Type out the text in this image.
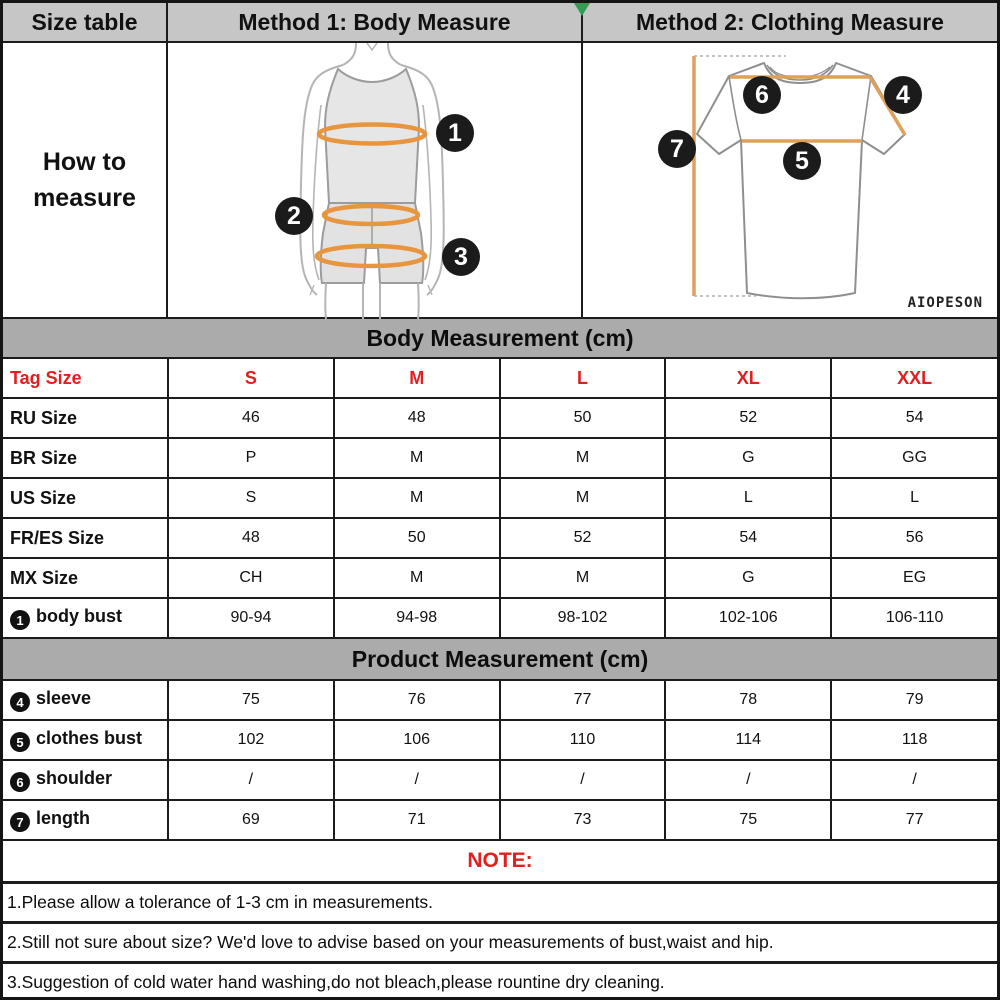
Size table	Method 1: Body Measure	Method 2: Clothing Measure
How to
measure
1
2
3
6	4
5
7
AIOPESON
Body Measurement (cm)
Tag Size	S	M	L	XL	XXL
RU Size	46	48	50	52	54
BR Size	P	M	M	G	GG
US Size	S	M	M	L	L
FR/ES Size	48	50	52	54	56
MX Size	CH	M	M	G	EG
1 body bust	90-94	94-98	98-102	102-106	106-110
Product Measurement (cm)
4 sleeve	75	76	77	78	79
5 clothes bust	102	106	110	114	118
6 shoulder	/	/	/	/	/
7 length	69	71	73	75	77
NOTE:
1.Please allow a tolerance of 1-3 cm in measurements.
2.Still not sure about size? We'd love to advise based on your measurements of bust,waist and hip.
3.Suggestion of cold water hand washing,do not bleach,please rountine dry cleaning.
